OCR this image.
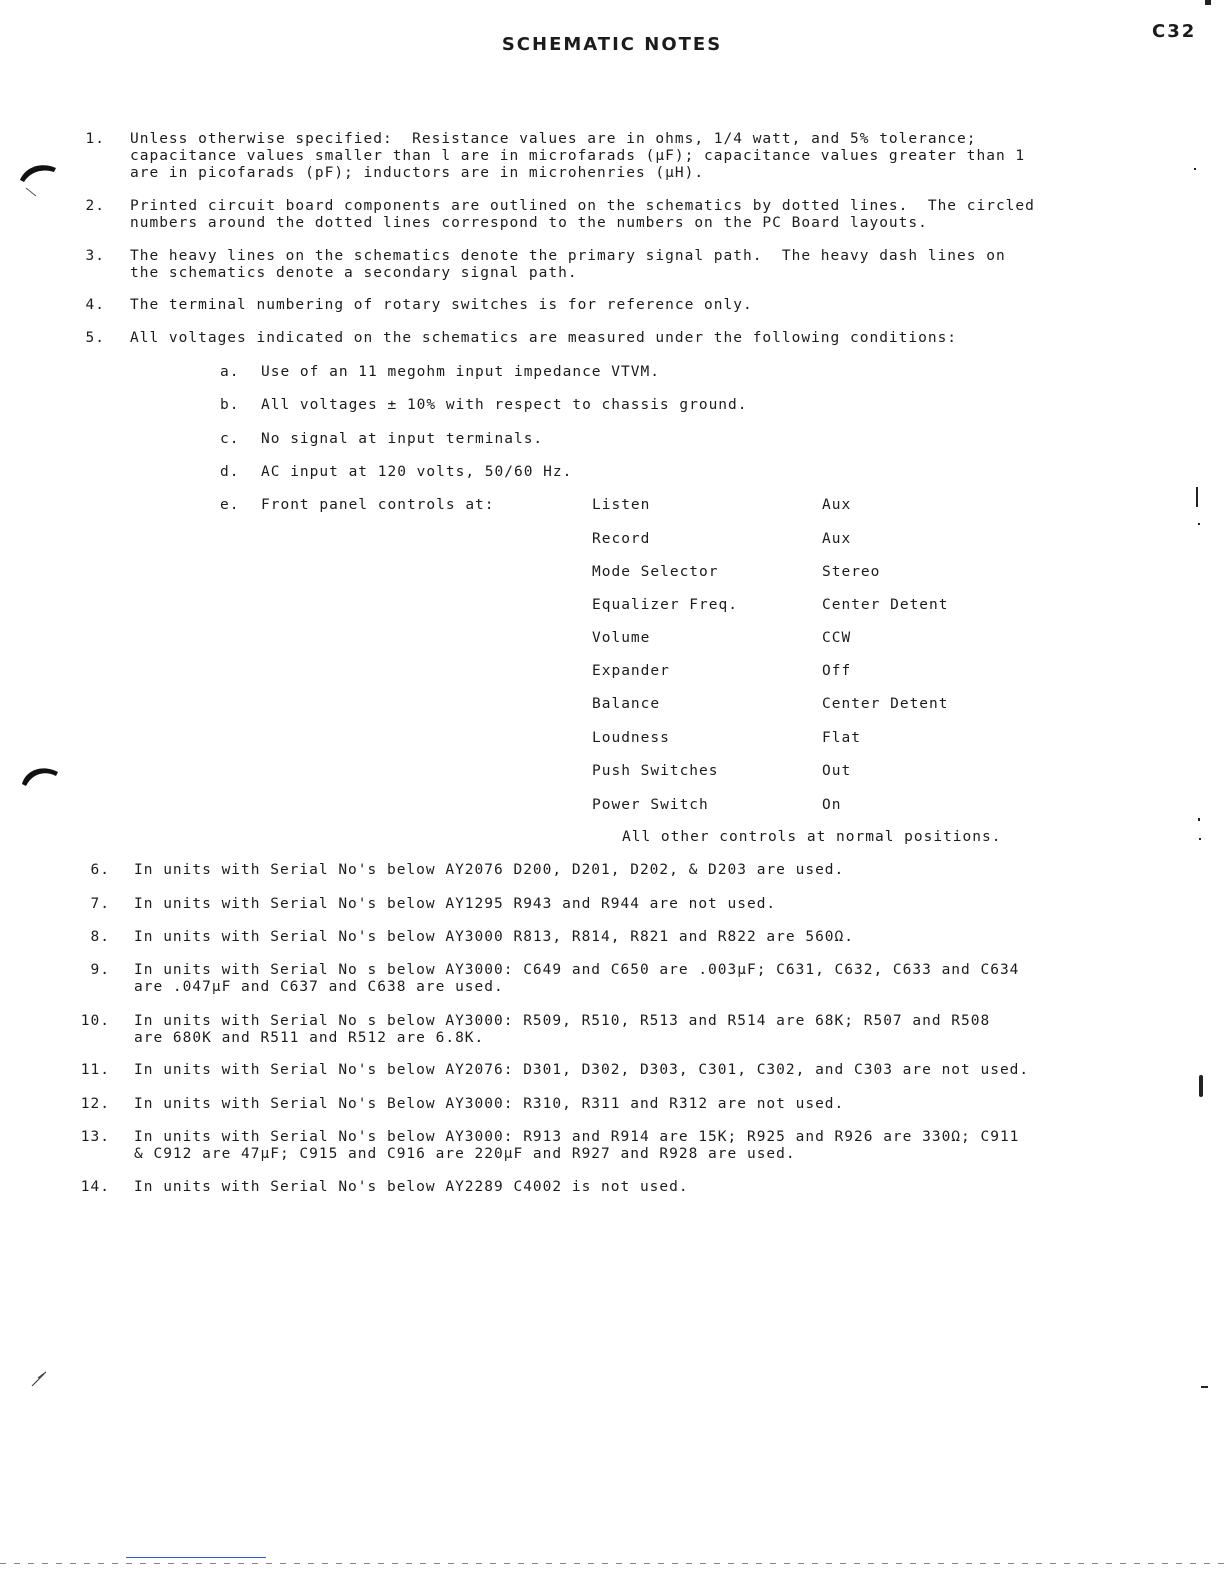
SCHEMATIC NOTES
C32
1. Unless otherwise specified:  Resistance values are in ohms, 1/4 watt, and 5% tolerance;
capacitance values smaller than l are in microfarads (µF); capacitance values greater than 1
are in picofarads (pF); inductors are in microhenries (µH).
2. Printed circuit board components are outlined on the schematics by dotted lines.  The circled
numbers around the dotted lines correspond to the numbers on the PC Board layouts.
3. The heavy lines on the schematics denote the primary signal path.  The heavy dash lines on
the schematics denote a secondary signal path.
4. The terminal numbering of rotary switches is for reference only.
5. All voltages indicated on the schematics are measured under the following conditions:
a. Use of an 11 megohm input impedance VTVM.
b. All voltages ± 10% with respect to chassis ground.
c. No signal at input terminals.
d. AC input at 120 volts, 50/60 Hz.
e. Front panel controls at:	Listen	Aux
Record	Aux
Mode Selector	Stereo
Equalizer Freq.	Center Detent
Volume	CCW
Expander	Off
Balance	Center Detent
Loudness	Flat
Push Switches	Out
Power Switch	On
All other controls at normal positions.
6. In units with Serial No's below AY2076 D200, D201, D202, & D203 are used.
7. In units with Serial No's below AY1295 R943 and R944 are not used.
8. In units with Serial No's below AY3000 R813, R814, R821 and R822 are 560Ω.
9. In units with Serial No s below AY3000: C649 and C650 are .003µF; C631, C632, C633 and C634
are .047µF and C637 and C638 are used.
10. In units with Serial No s below AY3000: R509, R510, R513 and R514 are 68K; R507 and R508
are 680K and R511 and R512 are 6.8K.
11. In units with Serial No's below AY2076: D301, D302, D303, C301, C302, and C303 are not used.
12. In units with Serial No's Below AY3000: R310, R311 and R312 are not used.
13. In units with Serial No's below AY3000: R913 and R914 are 15K; R925 and R926 are 330Ω; C911
& C912 are 47µF; C915 and C916 are 220µF and R927 and R928 are used.
14. In units with Serial No's below AY2289 C4002 is not used.
